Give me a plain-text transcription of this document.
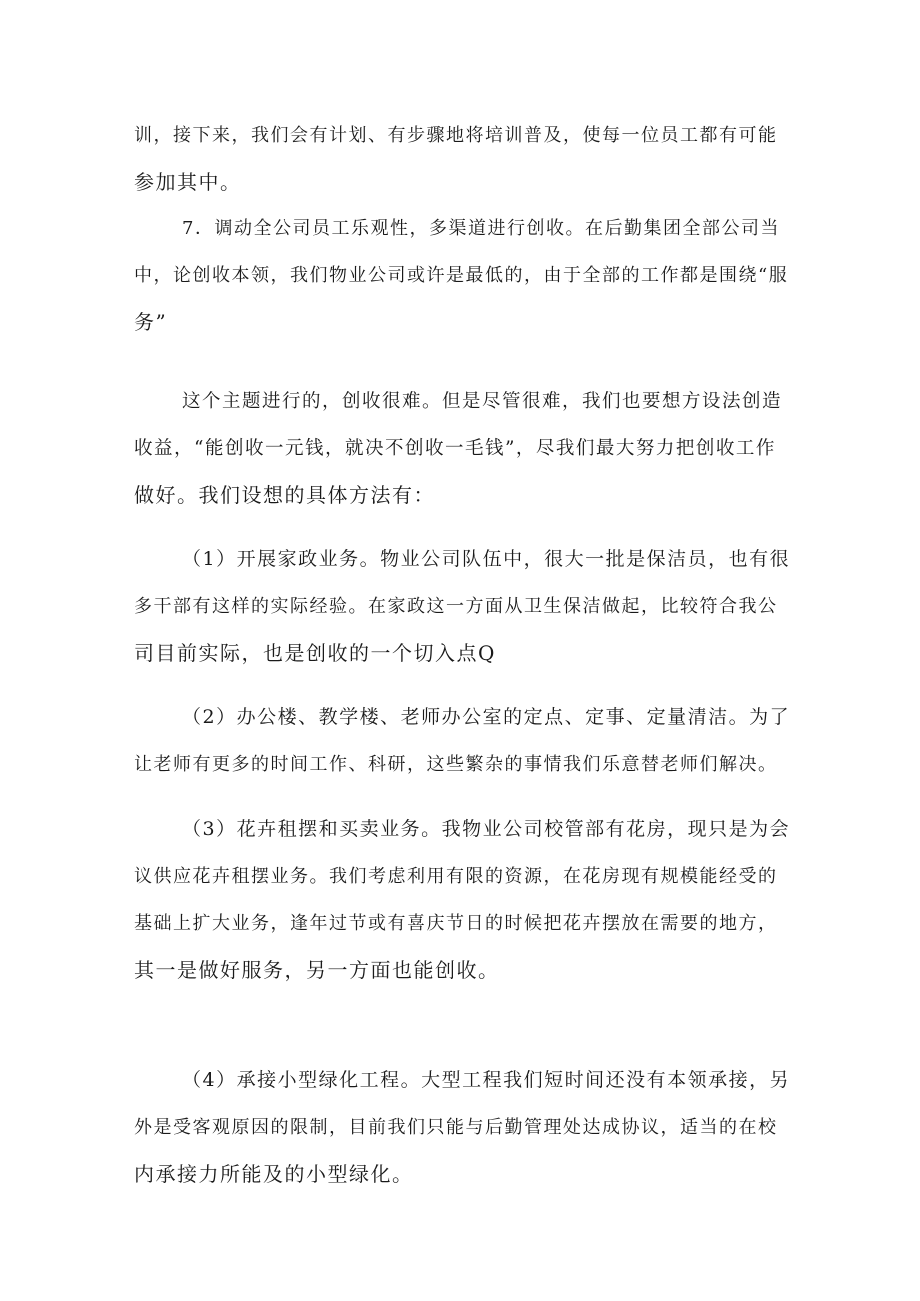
训，接下来，我们会有计划、有步骤地将培训普及，使每一位员工都有可能
参加其中。
7．调动全公司员工乐观性，多渠道进行创收。在后勤集团全部公司当
中，论创收本领，我们物业公司或许是最低的，由于全部的工作都是围绕“服
务”
这个主题进行的，创收很难。但是尽管很难，我们也要想方设法创造
收益，“能创收一元钱，就决不创收一毛钱”，尽我们最大努力把创收工作
做好。我们设想的具体方法有：
（1）开展家政业务。物业公司队伍中，很大一批是保洁员，也有很
多干部有这样的实际经验。在家政这一方面从卫生保洁做起，比较符合我公
司目前实际，也是创收的一个切入点Q
（2）办公楼、教学楼、老师办公室的定点、定事、定量清洁。为了
让老师有更多的时间工作、科研，这些繁杂的事情我们乐意替老师们解决。
（3）花卉租摆和买卖业务。我物业公司校管部有花房，现只是为会
议供应花卉租摆业务。我们考虑利用有限的资源，在花房现有规模能经受的
基础上扩大业务，逢年过节或有喜庆节日的时候把花卉摆放在需要的地方，
其一是做好服务，另一方面也能创收。
（4）承接小型绿化工程。大型工程我们短时间还没有本领承接，另
外是受客观原因的限制，目前我们只能与后勤管理处达成协议，适当的在校
内承接力所能及的小型绿化。
